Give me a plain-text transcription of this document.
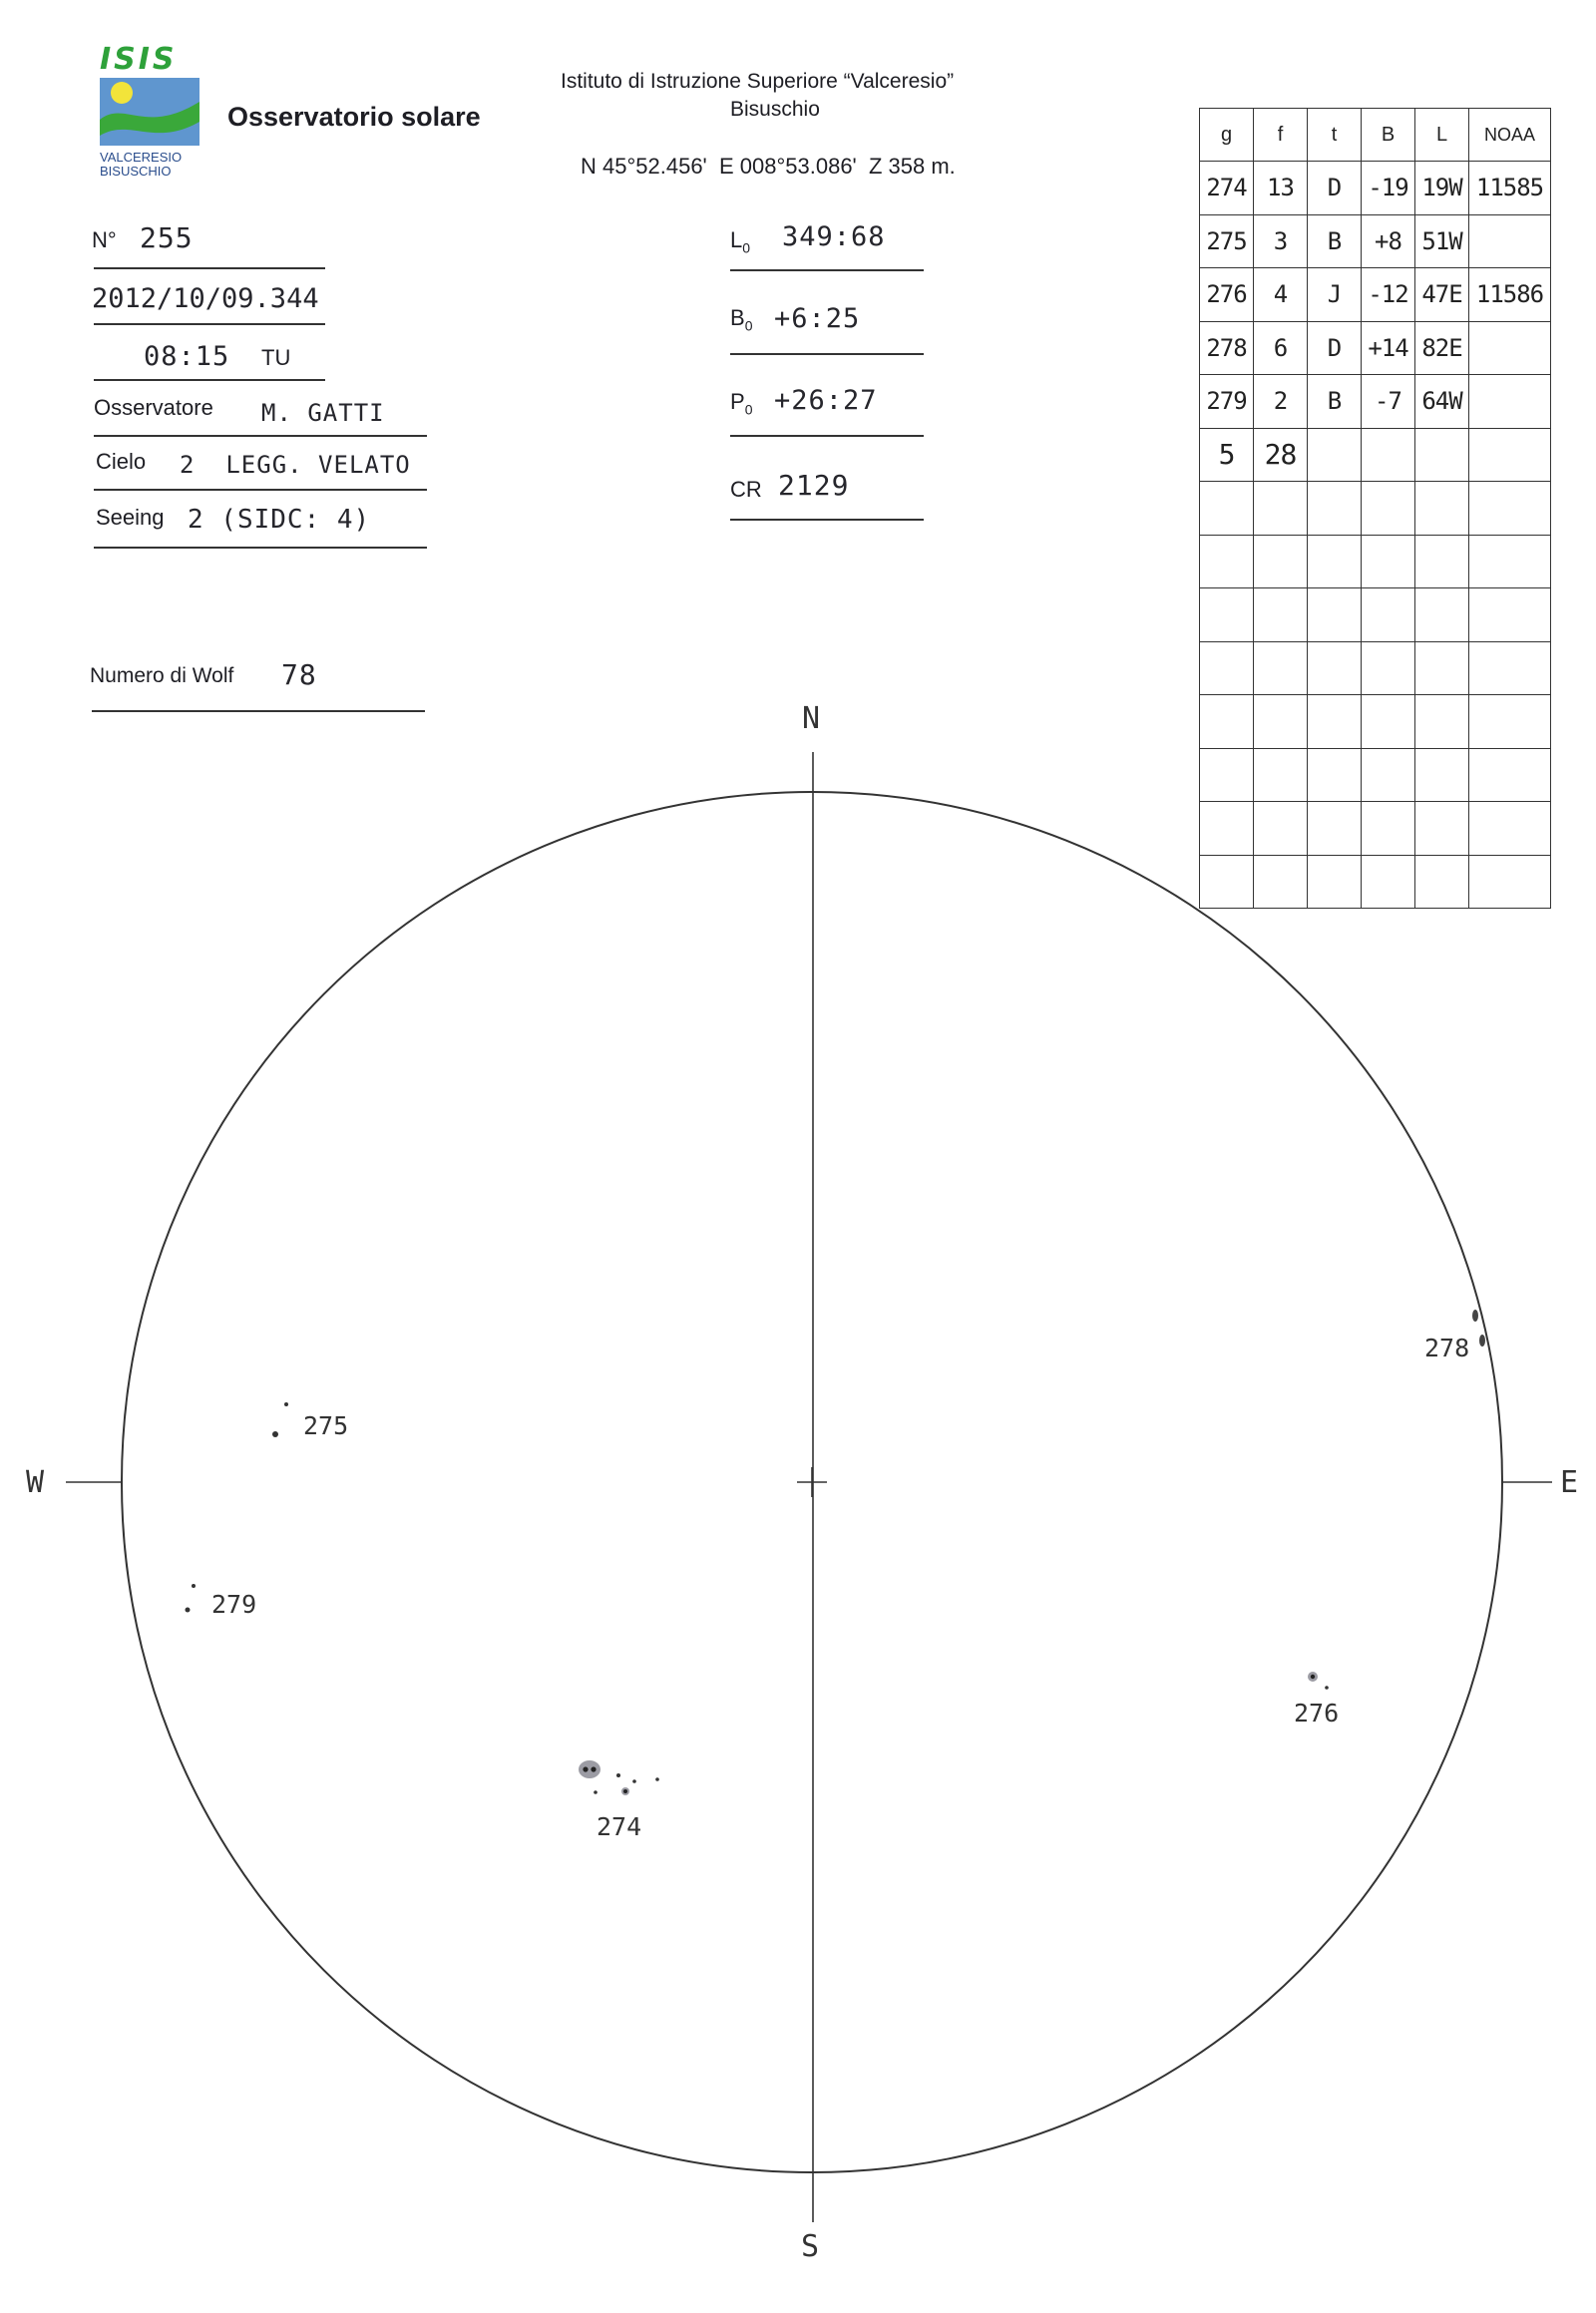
ISIS
VALCERESIO
BISUSCHIO
Osservatorio solare
Istituto di Istruzione Superiore “Valceresio”
Bisuschio
N 45°52.456'  E 008°53.086'  Z 358 m.
N° 255
2012/10/09.344
08:15 TU
Osservatore M. GATTI
Cielo 2  LEGG. VELATO
Seeing 2 (SIDC: 4)
Numero di Wolf 78
$L_0$ 349:68
$B_0$ +6:25
$P_0$ +26:27
CR 2129
g	f	t	B	L	NOAA
274	13	D	-19	19W	11585
275	3	B	+8	51W	
276	4	J	-12	47E	11586
278	6	D	+14	82E	
279	2	B	-7	64W	
5	28				

N
S
W	E
275
279
274
276
278
